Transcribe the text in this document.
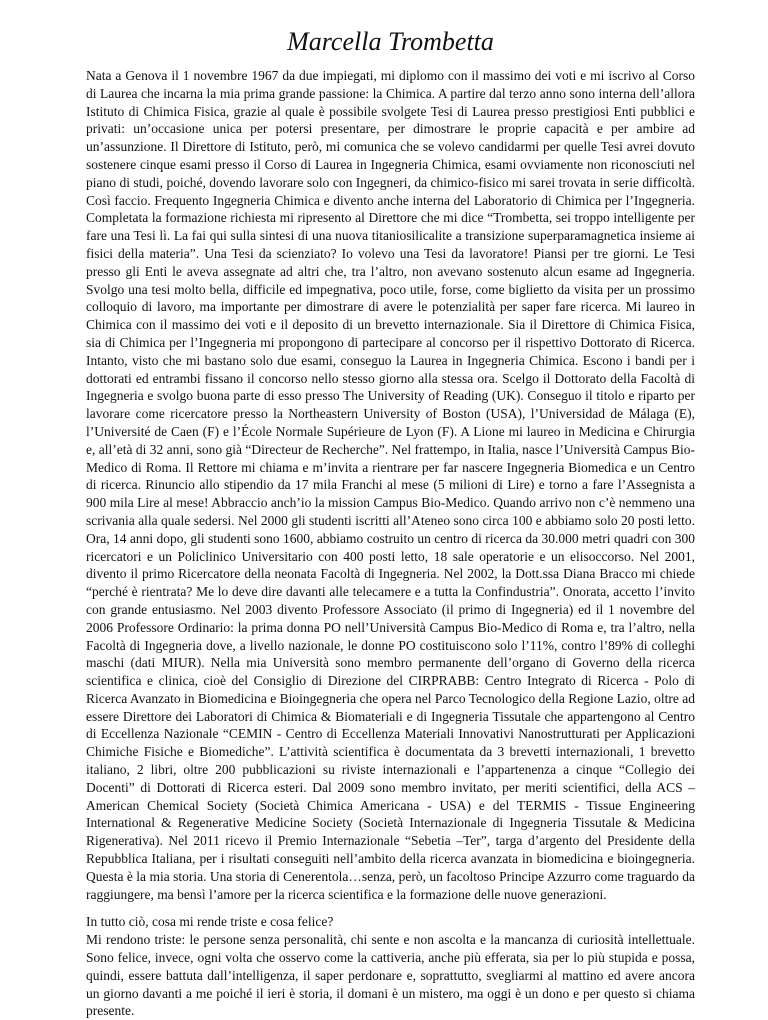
Marcella Trombetta

Nata a Genova il 1 novembre 1967 da due impiegati, mi diplomo con il massimo dei voti e mi iscrivo al Corso di Laurea che incarna la mia prima grande passione: la Chimica. A partire dal terzo anno sono interna dell’allora Istituto di Chimica Fisica, grazie al quale è possibile svolgete Tesi di Laurea presso prestigiosi Enti pubblici e privati: un’occasione unica per potersi presentare, per dimostrare le proprie capacità e per ambire ad un’assunzione. Il Direttore di Istituto, però, mi comunica che se volevo candidarmi per quelle Tesi avrei dovuto sostenere cinque esami presso il Corso di Laurea in Ingegneria Chimica, esami ovviamente non riconosciuti nel piano di studi, poiché, dovendo lavorare solo con Ingegneri, da chimico-fisico mi sarei trovata in serie difficoltà. Così faccio. Frequento Ingegneria Chimica e divento anche interna del Laboratorio di Chimica per l’Ingegneria. Completata la formazione richiesta mi ripresento al Direttore che mi dice “Trombetta, sei troppo intelligente per fare una Tesi lì. La fai qui sulla sintesi di una nuova titaniosilicalite a transizione superparamagnetica insieme ai fisici della materia”. Una Tesi da scienziato? Io volevo una Tesi da lavoratore! Piansi per tre giorni. Le Tesi presso gli Enti le aveva assegnate ad altri che, tra l’altro, non avevano sostenuto alcun esame ad Ingegneria. Svolgo una tesi molto bella, difficile ed impegnativa, poco utile, forse, come biglietto da visita per un prossimo colloquio di lavoro, ma importante per dimostrare di avere le potenzialità per saper fare ricerca. Mi laureo in Chimica con il massimo dei voti e il deposito di un brevetto internazionale. Sia il Direttore di Chimica Fisica, sia di Chimica per l’Ingegneria mi propongono di partecipare al concorso per il rispettivo Dottorato di Ricerca. Intanto, visto che mi bastano solo due esami, conseguo la Laurea in Ingegneria Chimica. Escono i bandi per i dottorati ed entrambi fissano il concorso nello stesso giorno alla stessa ora. Scelgo il Dottorato della Facoltà di Ingegneria e svolgo buona parte di esso presso The University of Reading (UK). Conseguo il titolo e riparto per lavorare come ricercatore presso la Northeastern University of Boston (USA), l’Universidad de Málaga (E), l’Université de Caen (F) e l’École Normale Supérieure de Lyon (F). A Lione mi laureo in Medicina e Chirurgia e, all’età di 32 anni, sono già “Directeur de Recherche”. Nel frattempo, in Italia, nasce l’Università Campus Bio-Medico di Roma. Il Rettore mi chiama e m’invita a rientrare per far nascere Ingegneria Biomedica e un Centro di ricerca. Rinuncio allo stipendio da 17 mila Franchi al mese (5 milioni di Lire) e torno a fare l’Assegnista a 900 mila Lire al mese! Abbraccio anch’io la mission Campus Bio-Medico. Quando arrivo non c’è nemmeno una scrivania alla quale sedersi. Nel 2000 gli studenti iscritti all’Ateneo sono circa 100 e abbiamo solo 20 posti letto. Ora, 14 anni dopo, gli studenti sono 1600, abbiamo costruito un centro di ricerca da 30.000 metri quadri con 300 ricercatori e un Policlinico Universitario con 400 posti letto, 18 sale operatorie e un elisoccorso. Nel 2001, divento il primo Ricercatore della neonata Facoltà di Ingegneria. Nel 2002, la Dott.ssa Diana Bracco mi chiede “perché è rientrata? Me lo deve dire davanti alle telecamere e a tutta la Confindustria”. Onorata, accetto l’invito con grande entusiasmo. Nel 2003 divento Professore Associato (il primo di Ingegneria) ed il 1 novembre del 2006 Professore Ordinario: la prima donna PO nell’Università Campus Bio-Medico di Roma e, tra l’altro, nella Facoltà di Ingegneria dove, a livello nazionale, le donne PO costituiscono solo l’11%, contro l’89% di colleghi maschi (dati MIUR). Nella mia Università sono membro permanente dell’organo di Governo della ricerca scientifica e clinica, cioè del Consiglio di Direzione del CIRPRABB: Centro Integrato di Ricerca - Polo di Ricerca Avanzato in Biomedicina e Bioingegneria che opera nel Parco Tecnologico della Regione Lazio, oltre ad essere Direttore dei Laboratori di Chimica & Biomateriali e di Ingegneria Tissutale che appartengono al Centro di Eccellenza Nazionale “CEMIN - Centro di Eccellenza Materiali Innovativi Nanostrutturati per Applicazioni Chimiche Fisiche e Biomediche”. L’attività scientifica è documentata da 3 brevetti internazionali, 1 brevetto italiano, 2 libri, oltre 200 pubblicazioni su riviste internazionali e l’appartenenza a cinque “Collegio dei Docenti” di Dottorati di Ricerca esteri. Dal 2009 sono membro invitato, per meriti scientifici, della ACS – American Chemical Society (Società Chimica Americana - USA) e del TERMIS - Tissue Engineering International & Regenerative Medicine Society (Società Internazionale di Ingegneria Tissutale & Medicina Rigenerativa). Nel 2011 ricevo il Premio Internazionale “Sebetia –Ter”, targa d’argento del Presidente della Repubblica Italiana, per i risultati conseguiti nell’ambito della ricerca avanzata in biomedicina e bioingegneria. Questa è la mia storia. Una storia di Cenerentola…senza, però, un facoltoso Principe Azzurro come traguardo da raggiungere, ma bensì l’amore per la ricerca scientifica e la formazione delle nuove generazioni.

In tutto ciò, cosa mi rende triste e cosa felice?

Mi rendono triste: le persone senza personalità, chi sente e non ascolta e la mancanza di curiosità intellettuale. Sono felice, invece, ogni volta che osservo come la cattiveria, anche più efferata, sia per lo più stupida e possa, quindi, essere battuta dall’intelligenza, il saper perdonare e, soprattutto, svegliarmi al mattino ed avere ancora un giorno davanti a me poiché il ieri è storia, il domani è un mistero, ma oggi è un dono e per questo si chiama presente.
